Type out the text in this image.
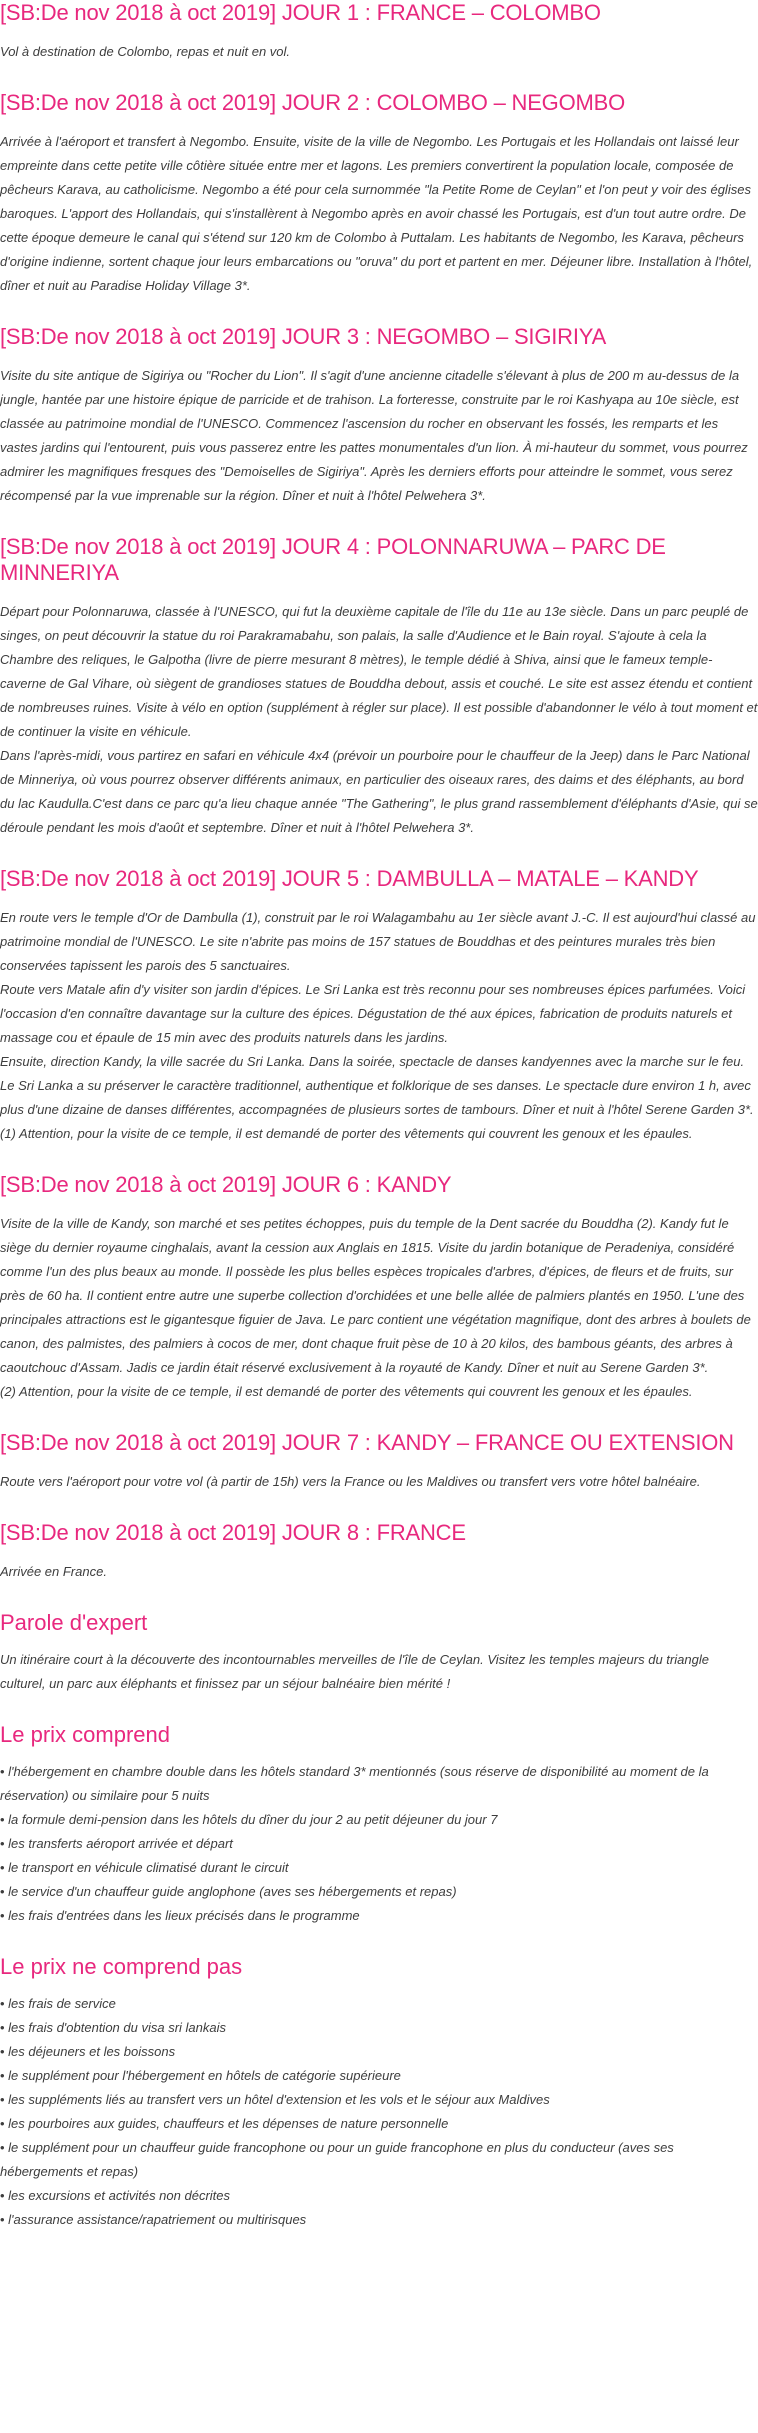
[SB:De nov 2018 à oct 2019] JOUR 1 : FRANCE – COLOMBO

Vol à destination de Colombo, repas et nuit en vol.

[SB:De nov 2018 à oct 2019] JOUR 2 : COLOMBO – NEGOMBO

Arrivée à l'aéroport et transfert à Negombo. Ensuite, visite de la ville de Negombo. Les Portugais et les Hollandais ont laissé leur empreinte dans cette petite ville côtière située entre mer et lagons. Les premiers convertirent la population locale, composée de pêcheurs Karava, au catholicisme. Negombo a été pour cela surnommée "la Petite Rome de Ceylan" et l'on peut y voir des églises baroques. L'apport des Hollandais, qui s'installèrent à Negombo après en avoir chassé les Portugais, est d'un tout autre ordre. De cette époque demeure le canal qui s'étend sur 120 km de Colombo à Puttalam. Les habitants de Negombo, les Karava, pêcheurs d'origine indienne, sortent chaque jour leurs embarcations ou "oruva" du port et partent en mer. Déjeuner libre. Installation à l'hôtel, dîner et nuit au Paradise Holiday Village 3*.

[SB:De nov 2018 à oct 2019] JOUR 3 : NEGOMBO – SIGIRIYA

Visite du site antique de Sigiriya ou "Rocher du Lion". Il s'agit d'une ancienne citadelle s'élevant à plus de 200 m au-dessus de la jungle, hantée par une histoire épique de parricide et de trahison. La forteresse, construite par le roi Kashyapa au 10e siècle, est classée au patrimoine mondial de l'UNESCO. Commencez l'ascension du rocher en observant les fossés, les remparts et les vastes jardins qui l'entourent, puis vous passerez entre les pattes monumentales d'un lion. À mi-hauteur du sommet, vous pourrez admirer les magnifiques fresques des "Demoiselles de Sigiriya". Après les derniers efforts pour atteindre le sommet, vous serez récompensé par la vue imprenable sur la région. Dîner et nuit à l'hôtel Pelwehera 3*.

[SB:De nov 2018 à oct 2019] JOUR 4 : POLONNARUWA – PARC DE MINNERIYA

Départ pour Polonnaruwa, classée à l'UNESCO, qui fut la deuxième capitale de l'île du 11e au 13e siècle. Dans un parc peuplé de singes, on peut découvrir la statue du roi Parakramabahu, son palais, la salle d'Audience et le Bain royal. S'ajoute à cela la Chambre des reliques, le Galpotha (livre de pierre mesurant 8 mètres), le temple dédié à Shiva, ainsi que le fameux temple-caverne de Gal Vihare, où siègent de grandioses statues de Bouddha debout, assis et couché. Le site est assez étendu et contient de nombreuses ruines. Visite à vélo en option (supplément à régler sur place). Il est possible d'abandonner le vélo à tout moment et de continuer la visite en véhicule.

Dans l'après-midi, vous partirez en safari en véhicule 4x4 (prévoir un pourboire pour le chauffeur de la Jeep) dans le Parc National de Minneriya, où vous pourrez observer différents animaux, en particulier des oiseaux rares, des daims et des éléphants, au bord du lac Kaudulla.C'est dans ce parc qu'a lieu chaque année "The Gathering", le plus grand rassemblement d'éléphants d'Asie, qui se déroule pendant les mois d'août et septembre. Dîner et nuit à l'hôtel Pelwehera 3*.

[SB:De nov 2018 à oct 2019] JOUR 5 : DAMBULLA – MATALE – KANDY

En route vers le temple d'Or de Dambulla (1), construit par le roi Walagambahu au 1er siècle avant J.-C. Il est aujourd'hui classé au patrimoine mondial de l'UNESCO. Le site n'abrite pas moins de 157 statues de Bouddhas et des peintures murales très bien conservées tapissent les parois des 5 sanctuaires.

Route vers Matale afin d'y visiter son jardin d'épices. Le Sri Lanka est très reconnu pour ses nombreuses épices parfumées. Voici l'occasion d'en connaître davantage sur la culture des épices. Dégustation de thé aux épices, fabrication de produits naturels et massage cou et épaule de 15 min avec des produits naturels dans les jardins.

Ensuite, direction Kandy, la ville sacrée du Sri Lanka. Dans la soirée, spectacle de danses kandyennes avec la marche sur le feu. Le Sri Lanka a su préserver le caractère traditionnel, authentique et folklorique de ses danses. Le spectacle dure environ 1 h, avec plus d'une dizaine de danses différentes, accompagnées de plusieurs sortes de tambours. Dîner et nuit à l'hôtel Serene Garden 3*.

(1) Attention, pour la visite de ce temple, il est demandé de porter des vêtements qui couvrent les genoux et les épaules.

[SB:De nov 2018 à oct 2019] JOUR 6 : KANDY

Visite de la ville de Kandy, son marché et ses petites échoppes, puis du temple de la Dent sacrée du Bouddha (2). Kandy fut le siège du dernier royaume cinghalais, avant la cession aux Anglais en 1815. Visite du jardin botanique de Peradeniya, considéré comme l'un des plus beaux au monde. Il possède les plus belles espèces tropicales d'arbres, d'épices, de fleurs et de fruits, sur près de 60 ha. Il contient entre autre une superbe collection d'orchidées et une belle allée de palmiers plantés en 1950. L'une des principales attractions est le gigantesque figuier de Java. Le parc contient une végétation magnifique, dont des arbres à boulets de canon, des palmistes, des palmiers à cocos de mer, dont chaque fruit pèse de 10 à 20 kilos, des bambous géants, des arbres à caoutchouc d'Assam. Jadis ce jardin était réservé exclusivement à la royauté de Kandy. Dîner et nuit au Serene Garden 3*.

(2) Attention, pour la visite de ce temple, il est demandé de porter des vêtements qui couvrent les genoux et les épaules.

[SB:De nov 2018 à oct 2019] JOUR 7 : KANDY – FRANCE OU EXTENSION

Route vers l'aéroport pour votre vol (à partir de 15h) vers la France ou les Maldives ou transfert vers votre hôtel balnéaire.

[SB:De nov 2018 à oct 2019] JOUR 8 : FRANCE

Arrivée en France.

Parole d'expert

Un itinéraire court à la découverte des incontournables merveilles de l'île de Ceylan. Visitez les temples majeurs du triangle culturel, un parc aux éléphants et finissez par un séjour balnéaire bien mérité !

Le prix comprend
• l'hébergement en chambre double dans les hôtels standard 3* mentionnés (sous réserve de disponibilité au moment de la réservation) ou similaire pour 5 nuits
• la formule demi-pension dans les hôtels du dîner du jour 2 au petit déjeuner du jour 7
• les transferts aéroport arrivée et départ
• le transport en véhicule climatisé durant le circuit
• le service d'un chauffeur guide anglophone (aves ses hébergements et repas)
• les frais d'entrées dans les lieux précisés dans le programme
Le prix ne comprend pas
• les frais de service
• les frais d'obtention du visa sri lankais
• les déjeuners et les boissons
• le supplément pour l'hébergement en hôtels de catégorie supérieure
• les suppléments liés au transfert vers un hôtel d'extension et les vols et le séjour aux Maldives
• les pourboires aux guides, chauffeurs et les dépenses de nature personnelle
• le supplément pour un chauffeur guide francophone ou pour un guide francophone en plus du conducteur (aves ses hébergements et repas)
• les excursions et activités non décrites
• l'assurance assistance/rapatriement ou multirisques
